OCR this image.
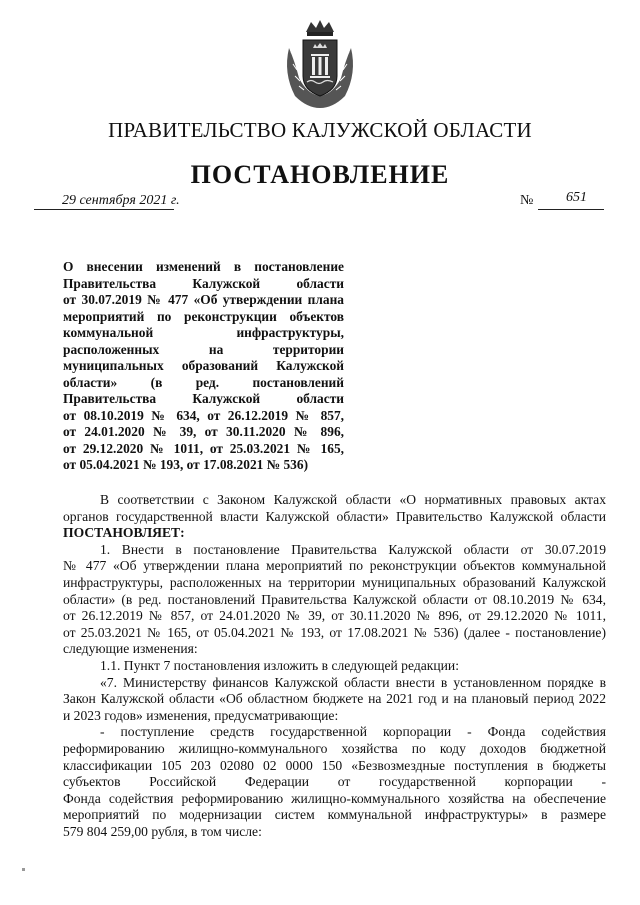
ПРАВИТЕЛЬСТВО КАЛУЖСКОЙ ОБЛАСТИ
ПОСТАНОВЛЕНИЕ
29 сентября 2021 г.	№ 651
О внесении изменений в постановление
Правительства Калужской области
от 30.07.2019 № 477 «Об утверждении плана
мероприятий по реконструкции объектов
коммунальной инфраструктуры,
расположенных на территории
муниципальных образований Калужской
области» (в ред. постановлений
Правительства Калужской области
от 08.10.2019 № 634, от 26.12.2019 № 857,
от 24.01.2020 № 39, от 30.11.2020 № 896,
от 29.12.2020 № 1011, от 25.03.2021 № 165,
от 05.04.2021 № 193, от 17.08.2021 № 536)
В соответствии с Законом Калужской области «О нормативных правовых актах
органов государственной власти Калужской области» Правительство Калужской области
ПОСТАНОВЛЯЕТ:
1. Внести в постановление Правительства Калужской области от 30.07.2019
№ 477 «Об утверждении плана мероприятий по реконструкции объектов коммунальной
инфраструктуры, расположенных на территории муниципальных образований Калужской
области» (в ред. постановлений Правительства Калужской области от 08.10.2019 № 634,
от 26.12.2019 № 857, от 24.01.2020 № 39, от 30.11.2020 № 896, от 29.12.2020 № 1011,
от 25.03.2021 № 165, от 05.04.2021 № 193, от 17.08.2021 № 536) (далее - постановление)
следующие изменения:
1.1. Пункт 7 постановления изложить в следующей редакции:
«7. Министерству финансов Калужской области внести в установленном порядке в
Закон Калужской области «Об областном бюджете на 2021 год и на плановый период 2022
и 2023 годов» изменения, предусматривающие:
- поступление средств государственной корпорации - Фонда содействия
реформированию жилищно-коммунального хозяйства по коду доходов бюджетной
классификации 105 203 02080 02 0000 150 «Безвозмездные поступления в бюджеты
субъектов Российской Федерации от государственной корпорации -
Фонда содействия реформированию жилищно-коммунального хозяйства на обеспечение
мероприятий по модернизации систем коммунальной инфраструктуры» в размере
579 804 259,00 рубля, в том числе:
